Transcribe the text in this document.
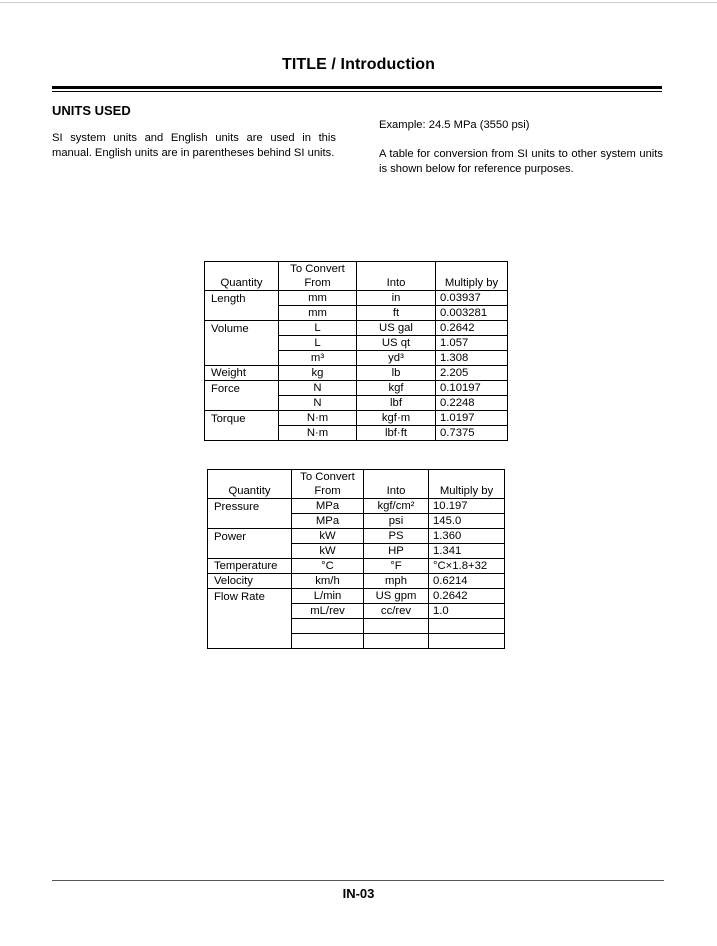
TITLE / Introduction
UNITS USED
SI system units and English units are used in this manual. English units are in parentheses behind SI units.
Example: 24.5 MPa (3550 psi)
A table for conversion from SI units to other system units is shown below for reference purposes.
	To Convert		
Quantity	From	Into	Multiply by
Length	mm	in	0.03937
	mm	ft	0.003281
Volume	L	US gal	0.2642
	L	US qt	1.057
	m³	yd³	1.308
Weight	kg	lb	2.205
Force	N	kgf	0.10197
	N	lbf	0.2248
Torque	N·m	kgf·m	1.0197
	N·m	lbf·ft	0.7375
	To Convert		
Quantity	From	Into	Multiply by
Pressure	MPa	kgf/cm²	10.197
	MPa	psi	145.0
Power	kW	PS	1.360
	kW	HP	1.341
Temperature	°C	°F	°C×1.8+32
Velocity	km/h	mph	0.6214
Flow Rate	L/min	US gpm	0.2642
	mL/rev	cc/rev	1.0

IN-03
